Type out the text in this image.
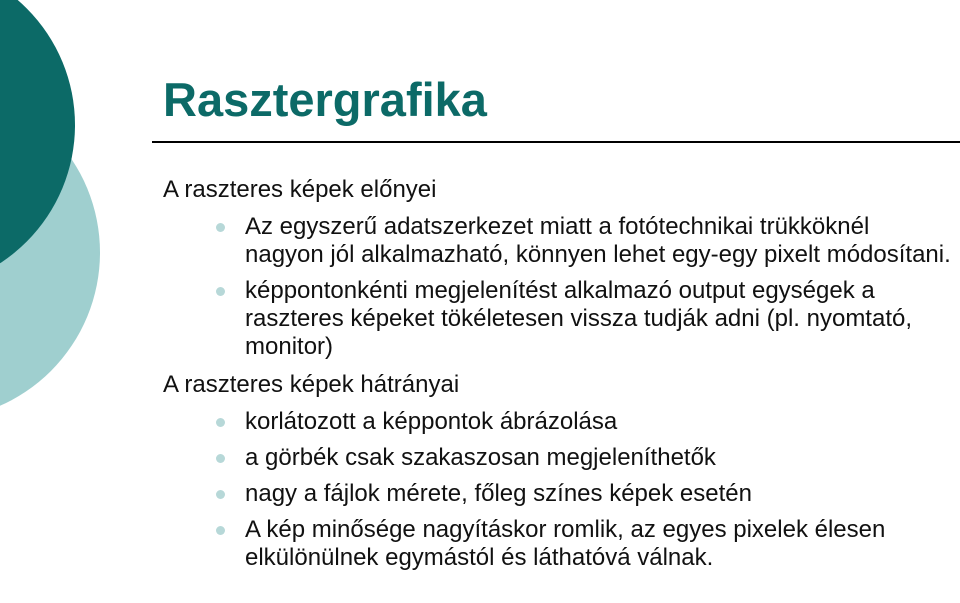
Rasztergrafika
A raszteres képek előnyei
Az egyszerű adatszerkezet miatt a fotótechnikai trükköknél nagyon jól alkalmazható, könnyen lehet egy-egy pixelt módosítani.
képpontonkénti megjelenítést alkalmazó output egységek a raszteres képeket tökéletesen vissza tudják adni (pl. nyomtató, monitor)
A raszteres képek hátrányai
korlátozott a képpontok ábrázolása
a görbék csak szakaszosan megjeleníthetők
nagy a fájlok mérete, főleg színes képek esetén
A kép minősége nagyításkor romlik, az egyes pixelek élesen elkülönülnek egymástól és láthatóvá válnak.
